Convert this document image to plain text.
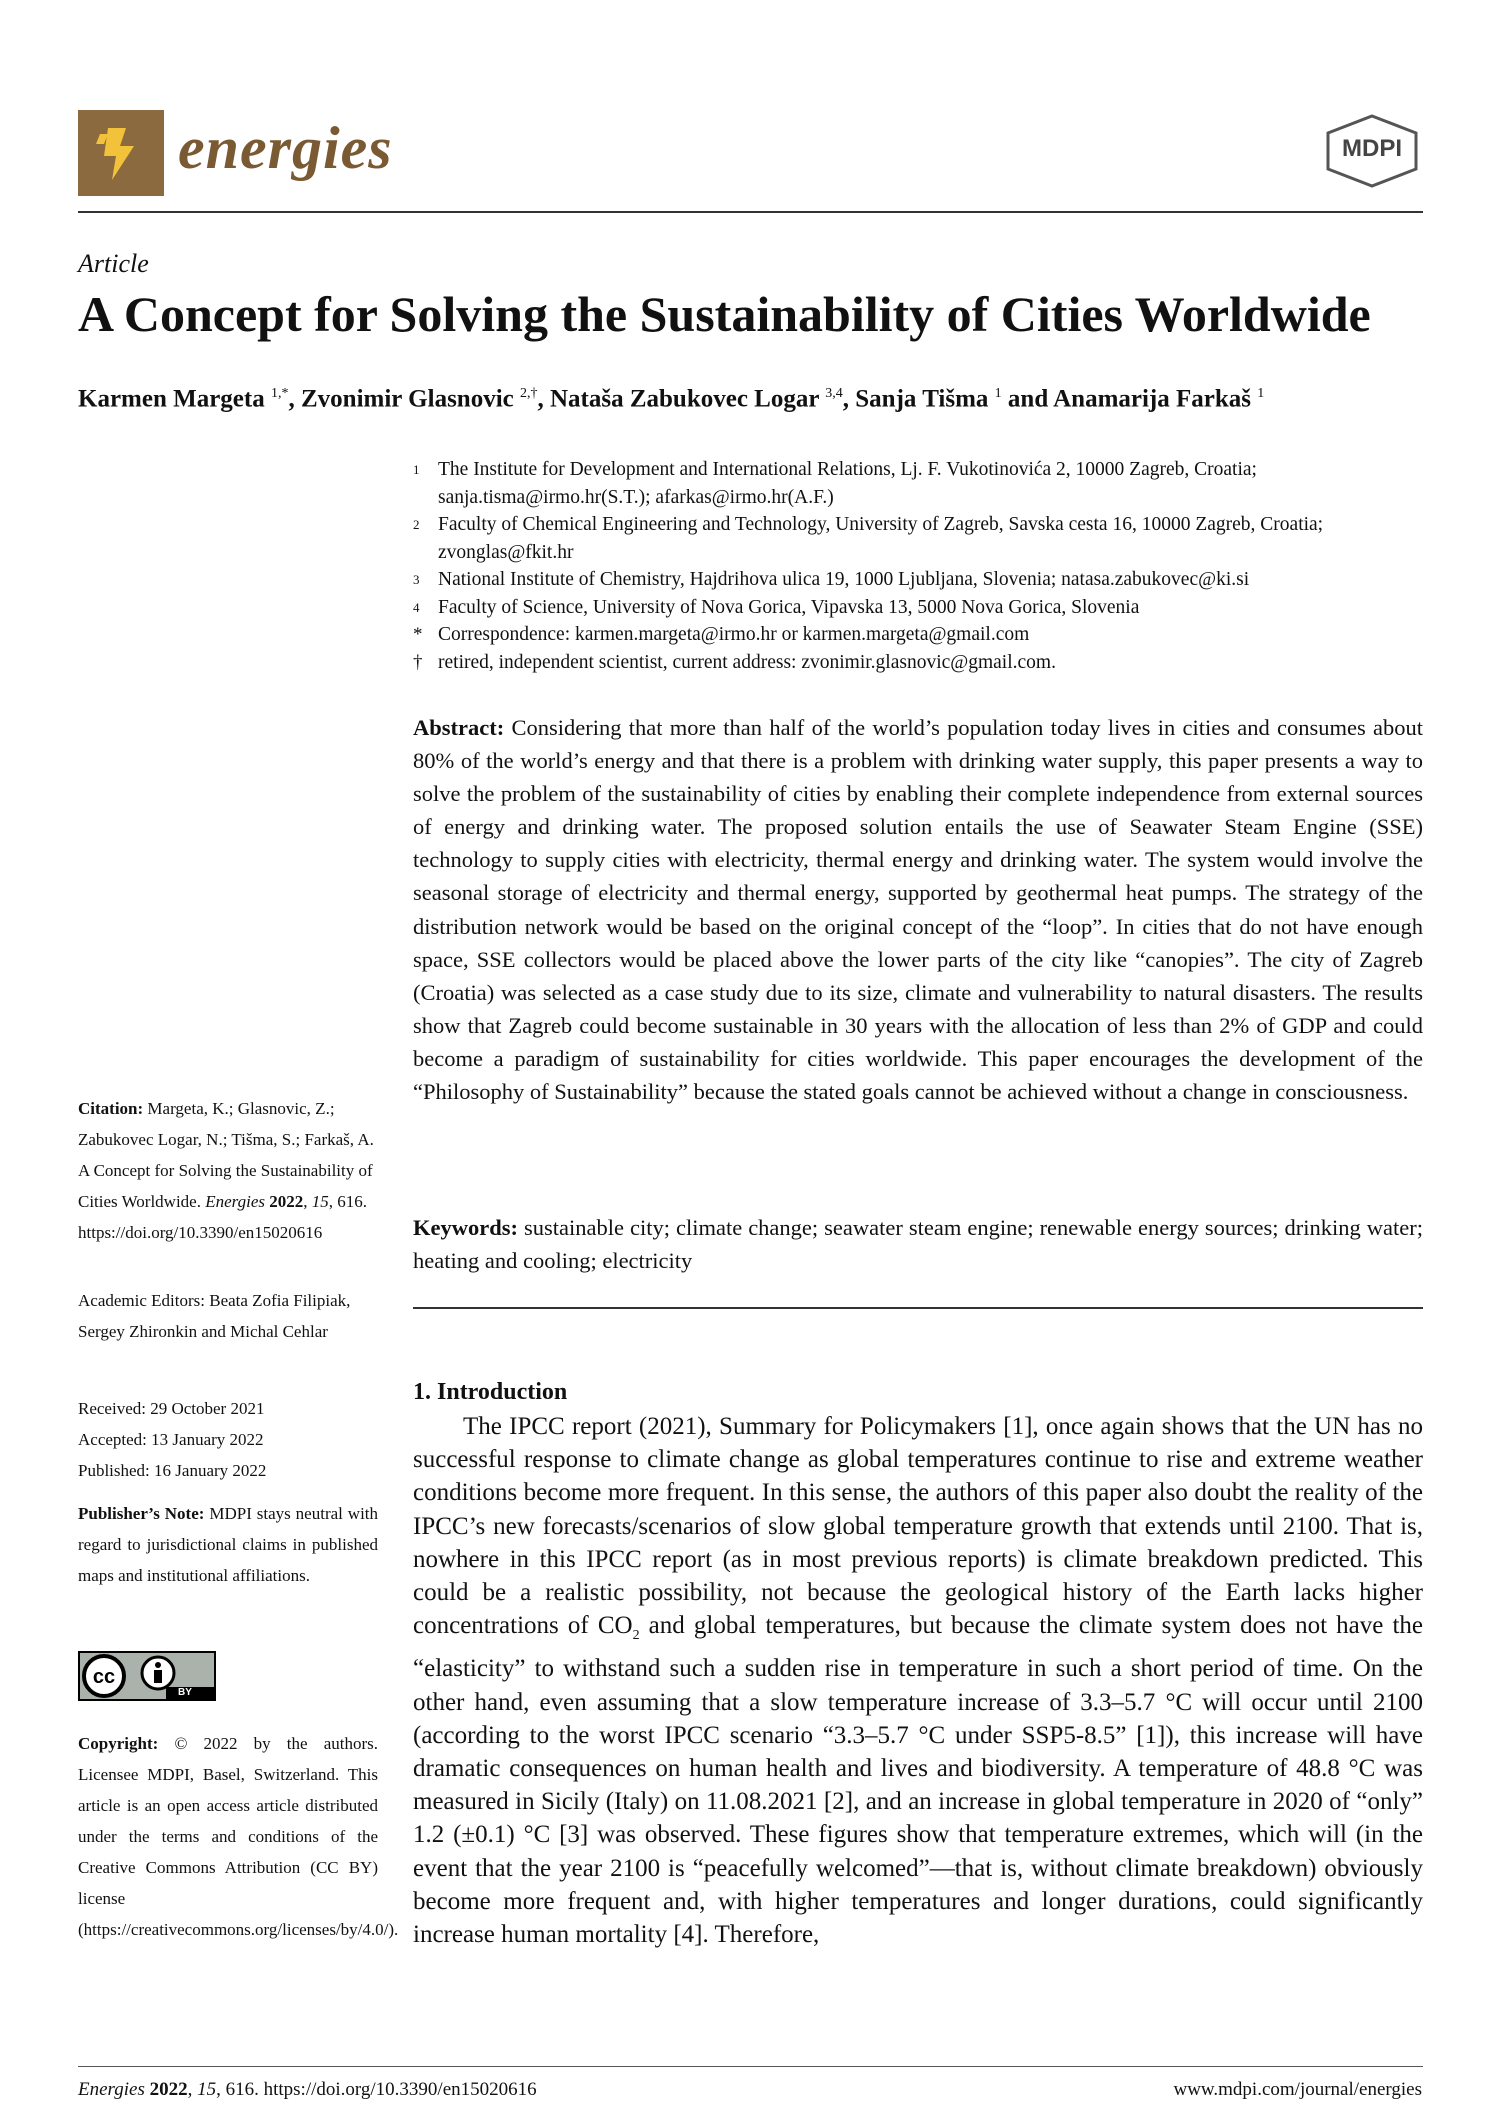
energies	MDPI
Article
A Concept for Solving the Sustainability of Cities Worldwide
Karmen Margeta $^{1,*}$, Zvonimir Glasnovic $^{2,\dagger}$, Nataša Zabukovec Logar $^{3,4}$, Sanja Tišma $^1$ and Anamarija Farkaš $^1$
1 The Institute for Development and International Relations, Lj. F. Vukotinovića 2, 10000 Zagreb, Croatia; sanja.tisma@irmo.hr(S.T.); afarkas@irmo.hr(A.F.)
2 Faculty of Chemical Engineering and Technology, University of Zagreb, Savska cesta 16, 10000 Zagreb, Croatia; zvonglas@fkit.hr
3 National Institute of Chemistry, Hajdrihova ulica 19, 1000 Ljubljana, Slovenia; natasa.zabukovec@ki.si
4 Faculty of Science, University of Nova Gorica, Vipavska 13, 5000 Nova Gorica, Slovenia
* Correspondence: karmen.margeta@irmo.hr or karmen.margeta@gmail.com
† retired, independent scientist, current address: zvonimir.glasnovic@gmail.com.
Abstract: Considering that more than half of the world’s population today lives in cities and consumes about 80% of the world’s energy and that there is a problem with drinking water supply, this paper presents a way to solve the problem of the sustainability of cities by enabling their complete independence from external sources of energy and drinking water. The proposed solution entails the use of Seawater Steam Engine (SSE) technology to supply cities with electricity, thermal energy and drinking water. The system would involve the seasonal storage of electricity and thermal energy, supported by geothermal heat pumps. The strategy of the distribution network would be based on the original concept of the “loop”. In cities that do not have enough space, SSE collectors would be placed above the lower parts of the city like “canopies”. The city of Zagreb (Croatia) was selected as a case study due to its size, climate and vulnerability to natural disasters. The results show that Zagreb could become sustainable in 30 years with the allocation of less than 2% of GDP and could become a paradigm of sustainability for cities worldwide. This paper encourages the development of the “Philosophy of Sustainability” because the stated goals cannot be achieved without a change in consciousness.
Keywords: sustainable city; climate change; seawater steam engine; renewable energy sources; drinking water; heating and cooling; electricity
1. Introduction
The IPCC report (2021), Summary for Policymakers [1], once again shows that the UN has no successful response to climate change as global temperatures continue to rise and extreme weather conditions become more frequent. In this sense, the authors of this paper also doubt the reality of the IPCC’s new forecasts/scenarios of slow global temperature growth that extends until 2100. That is, nowhere in this IPCC report (as in most previous reports) is climate breakdown predicted. This could be a realistic possibility, not because the geological history of the Earth lacks higher concentrations of $CO_2$ and global temperatures, but because the climate system does not have the “elasticity” to withstand such a sudden rise in temperature in such a short period of time. On the other hand, even assuming that a slow temperature increase of 3.3–5.7 °C will occur until 2100 (according to the worst IPCC scenario “3.3–5.7 °C under SSP5-8.5” [1]), this increase will have dramatic consequences on human health and lives and biodiversity. A temperature of 48.8 °C was measured in Sicily (Italy) on 11.08.2021 [2], and an increase in global temperature in 2020 of “only” 1.2 (±0.1) °C [3] was observed. These figures show that temperature extremes, which will (in the event that the year 2100 is “peacefully welcomed”—that is, without climate breakdown) obviously become more frequent and, with higher temperatures and longer durations, could significantly increase human mortality [4]. Therefore,

Citation: Margeta, K.; Glasnovic, Z.; Zabukovec Logar, N.; Tišma, S.; Farkaš, A. A Concept for Solving the Sustainability of Cities Worldwide. Energies 2022, 15, 616. https://doi.org/10.3390/en15020616

Academic Editors: Beata Zofia Filipiak, Sergey Zhironkin and Michal Cehlar

Received: 29 October 2021

Accepted: 13 January 2022

Published: 16 January 2022

Publisher’s Note: MDPI stays neutral with regard to jurisdictional claims in published maps and institutional affiliations.

cc
BY

Copyright: © 2022 by the authors. Licensee MDPI, Basel, Switzerland. This article is an open access article distributed under the terms and conditions of the Creative Commons Attribution (CC BY) license (https://creativecommons.org/licenses/by/4.0/).

Energies 2022, 15, 616. https://doi.org/10.3390/en15020616	www.mdpi.com/journal/energies
